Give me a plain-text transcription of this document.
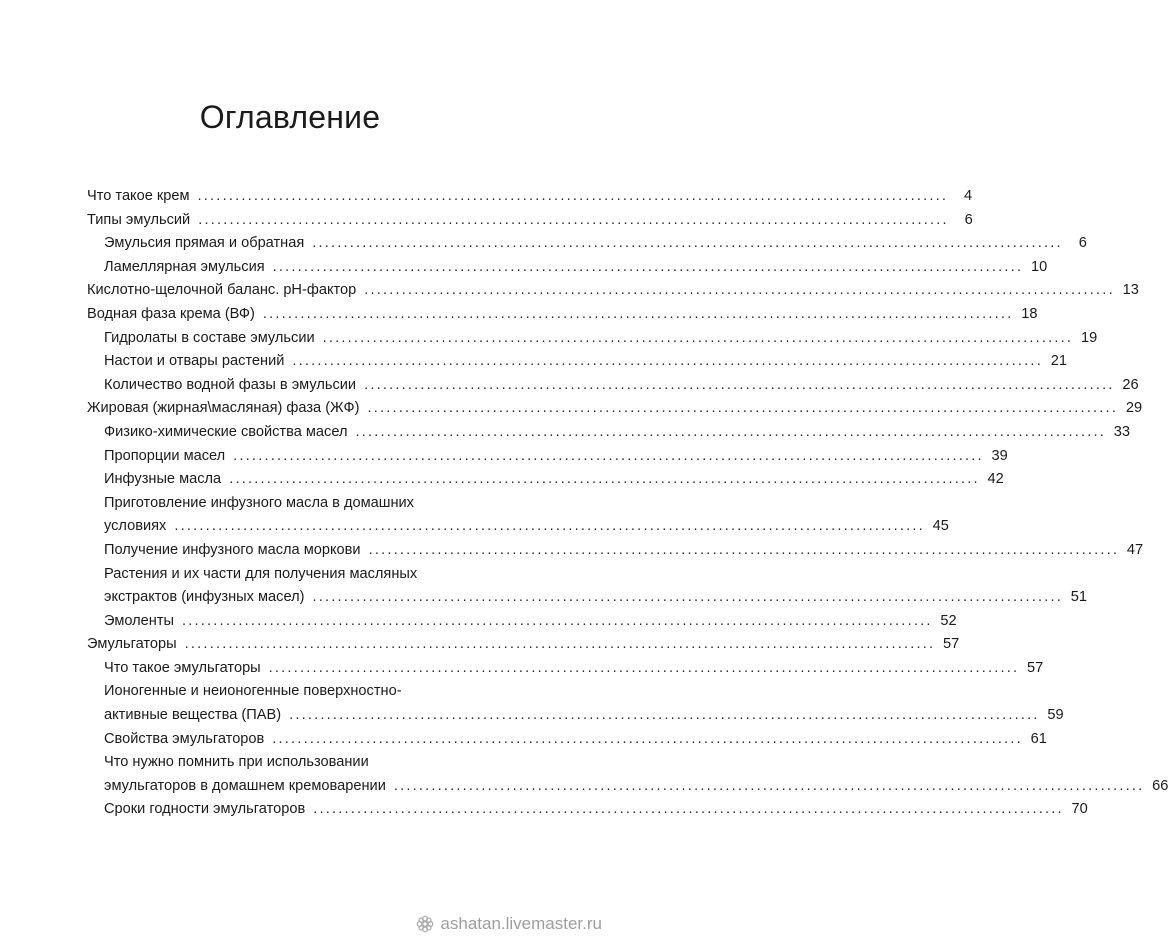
Оглавление
Что такое крем ........................................................................................................................	4
Типы эмульсий ........................................................................................................................	6
Эмульсия прямая и обратная ........................................................................................................................	6
Ламеллярная эмульсия ........................................................................................................................ 10
Кислотно-щелочной баланс. pH-фактор ........................................................................................................................ 13
Водная фаза крема (ВФ) ........................................................................................................................ 18
Гидролаты в составе эмульсии ........................................................................................................................ 19
Настои и отвары растений ........................................................................................................................ 21
Количество водной фазы в эмульсии ........................................................................................................................ 26
Жировая (жирная\масляная) фаза (ЖФ) ........................................................................................................................ 29
Физико-химические свойства масел ........................................................................................................................ 33
Пропорции масел ........................................................................................................................ 39
Инфузные масла ........................................................................................................................ 42
Приготовление инфузного масла в домашних
условиях ........................................................................................................................ 45
Получение инфузного масла моркови ........................................................................................................................ 47
Растения и их части для получения масляных
экстрактов (инфузных масел) ........................................................................................................................ 51
Эмоленты ........................................................................................................................ 52
Эмульгаторы ........................................................................................................................ 57
Что такое эмульгаторы ........................................................................................................................ 57
Ионогенные и неионогенные поверхностно-
активные вещества (ПАВ) ........................................................................................................................ 59
Свойства эмульгаторов ........................................................................................................................ 61
Что нужно помнить при использовании
эмульгаторов в домашнем кремоварении ........................................................................................................................ 66
Сроки годности эмульгаторов ........................................................................................................................ 70
ashatan.livemaster.ru
